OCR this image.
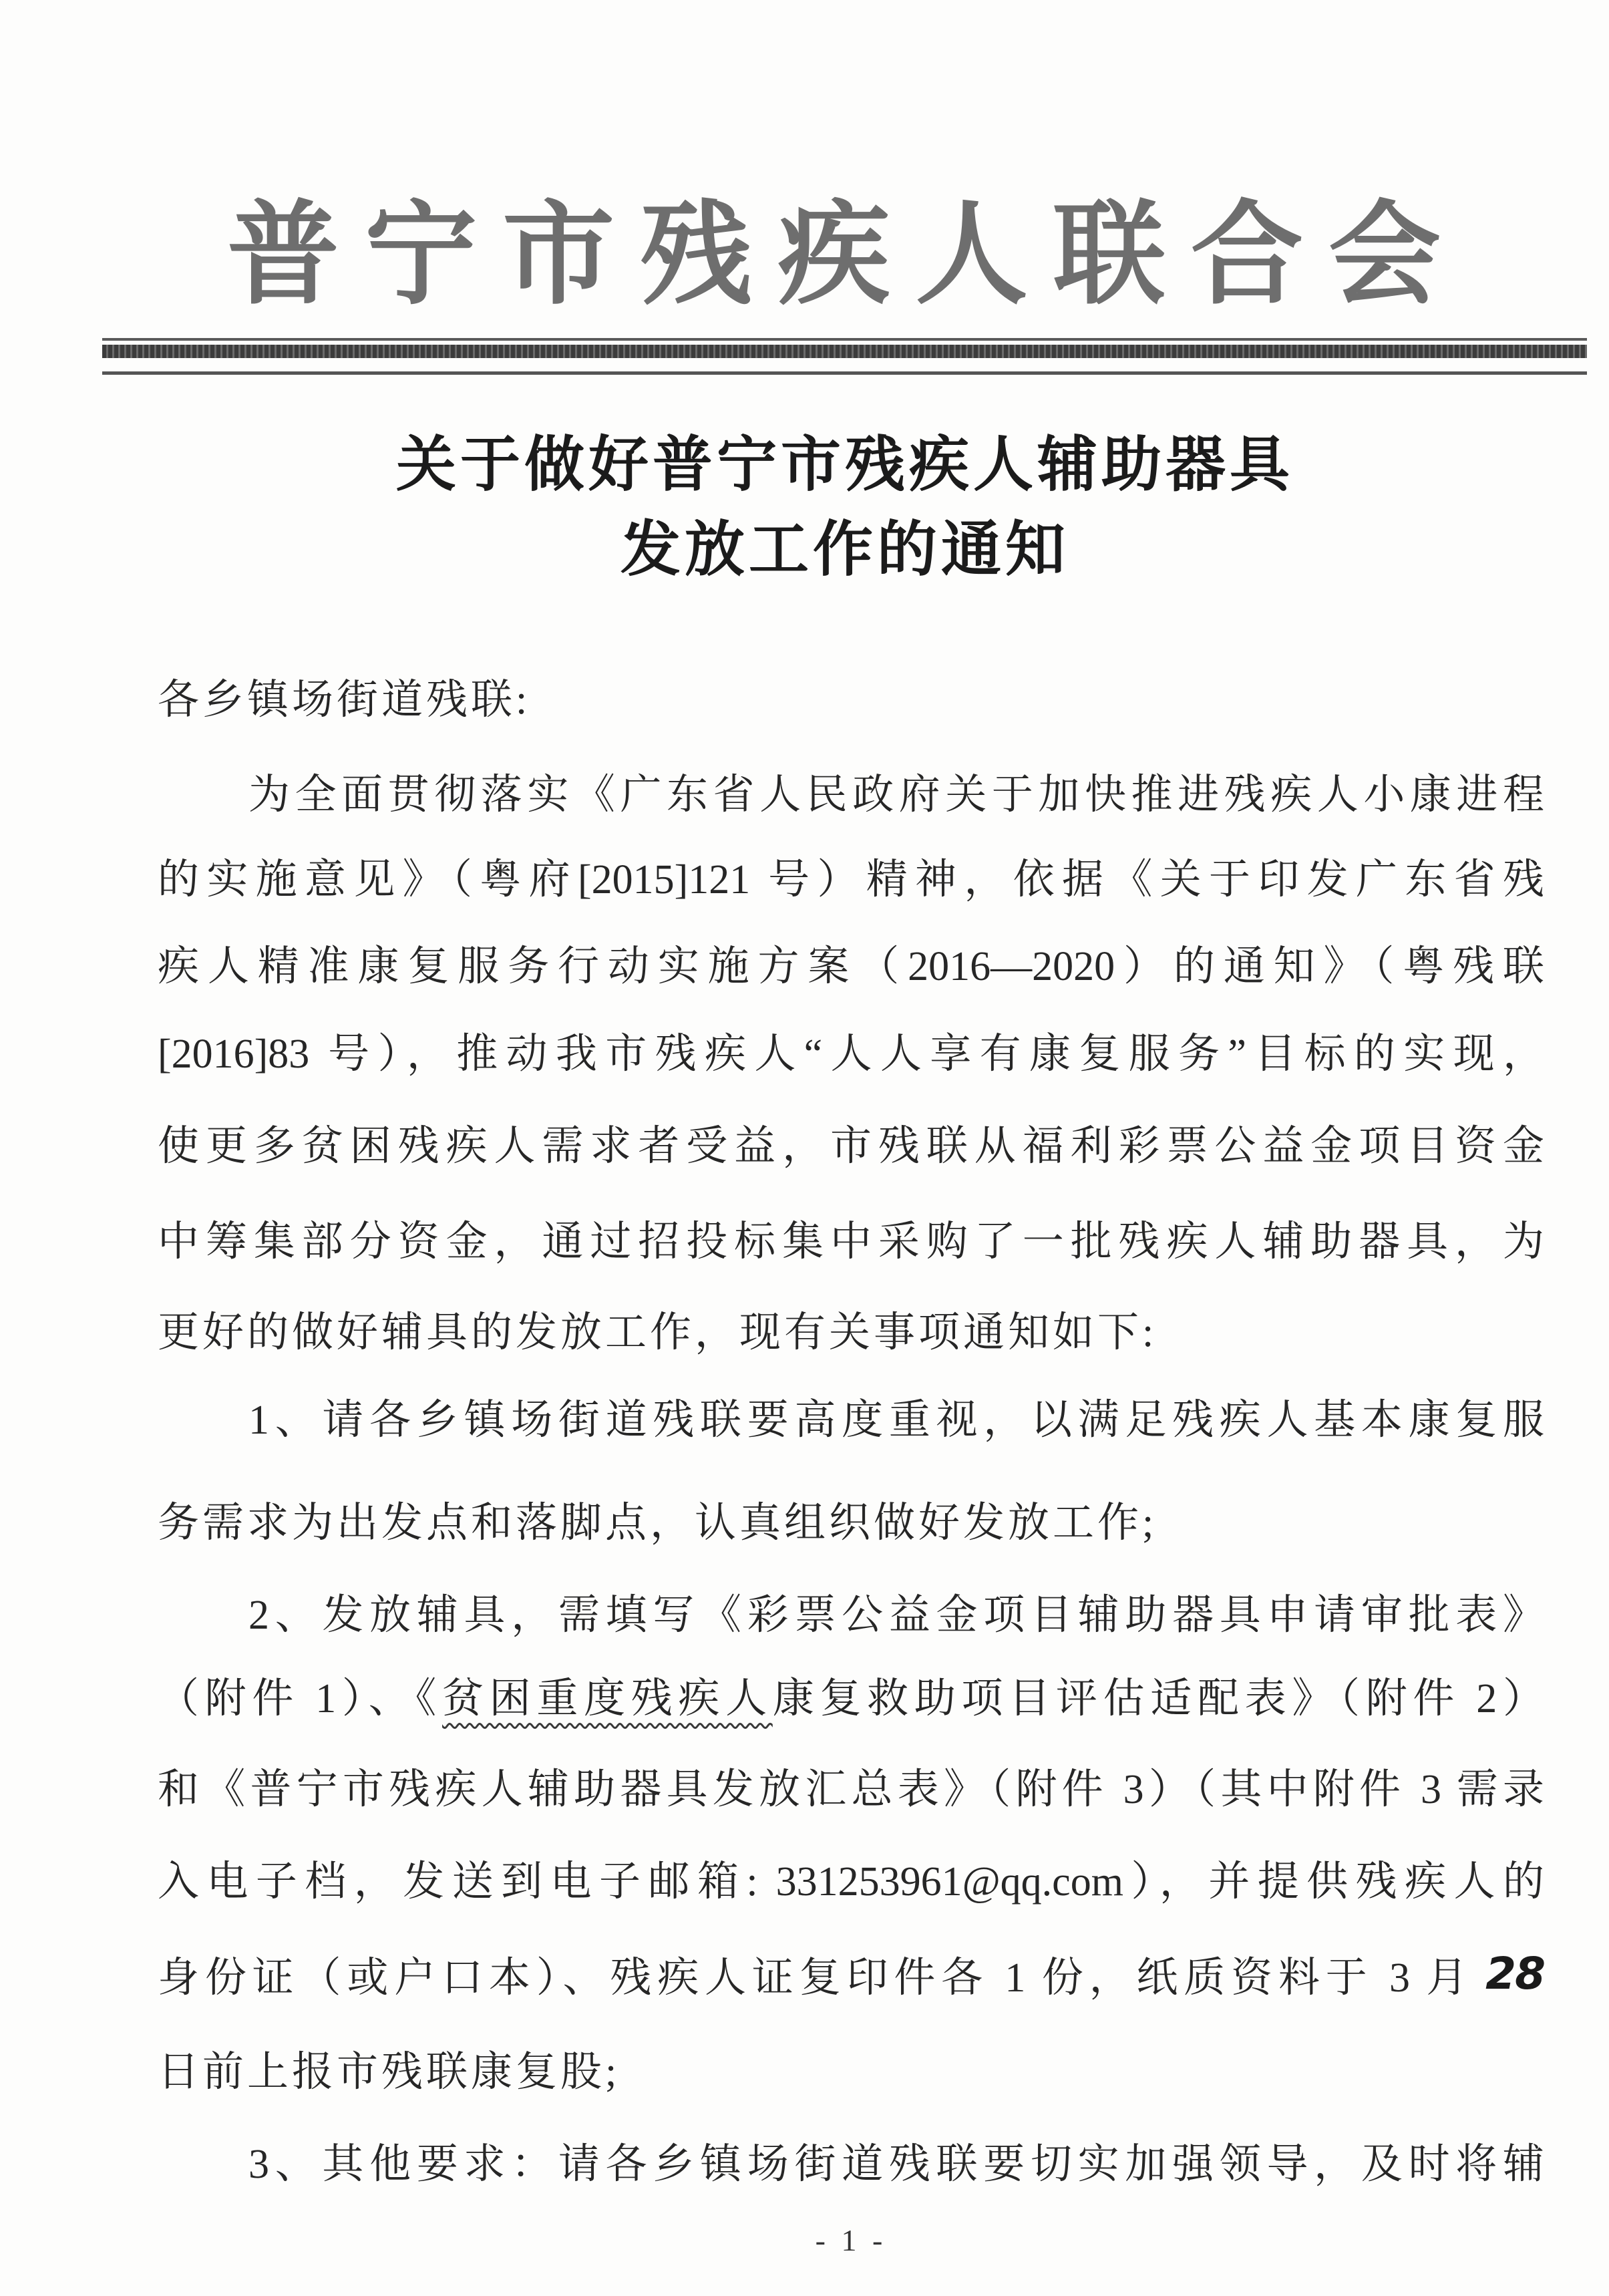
普宁市残疾人联合会
关于做好普宁市残疾人辅助器具
发放工作的通知
各乡镇场街道残联:
为全面贯彻落实《广东省人民政府关于加快推进残疾人小康进程
的实施意见》（粤府[2015]121 号）精神，依据《关于印发广东省残
疾人精准康复服务行动实施方案（2016—2020）的通知》（粤残联
[2016]83 号），推动我市残疾人“人人享有康复服务”目标的实现，
使更多贫困残疾人需求者受益，市残联从福利彩票公益金项目资金
中筹集部分资金，通过招投标集中采购了一批残疾人辅助器具，为
更好的做好辅具的发放工作，现有关事项通知如下:
1、请各乡镇场街道残联要高度重视，以满足残疾人基本康复服
务需求为出发点和落脚点，认真组织做好发放工作;
2、发放辅具，需填写《彩票公益金项目辅助器具申请审批表》
（附件 1）、《贫困重度残疾人康复救助项目评估适配表》（附件 2）
和《普宁市残疾人辅助器具发放汇总表》（附件 3）（其中附件 3 需录
入电子档，发送到电子邮箱: 331253961@qq.com），并提供残疾人的
身份证（或户口本）、残疾人证复印件各 1 份，纸质资料于 3 月 28
日前上报市残联康复股;
3、其他要求：请各乡镇场街道残联要切实加强领导，及时将辅
- 1 -
